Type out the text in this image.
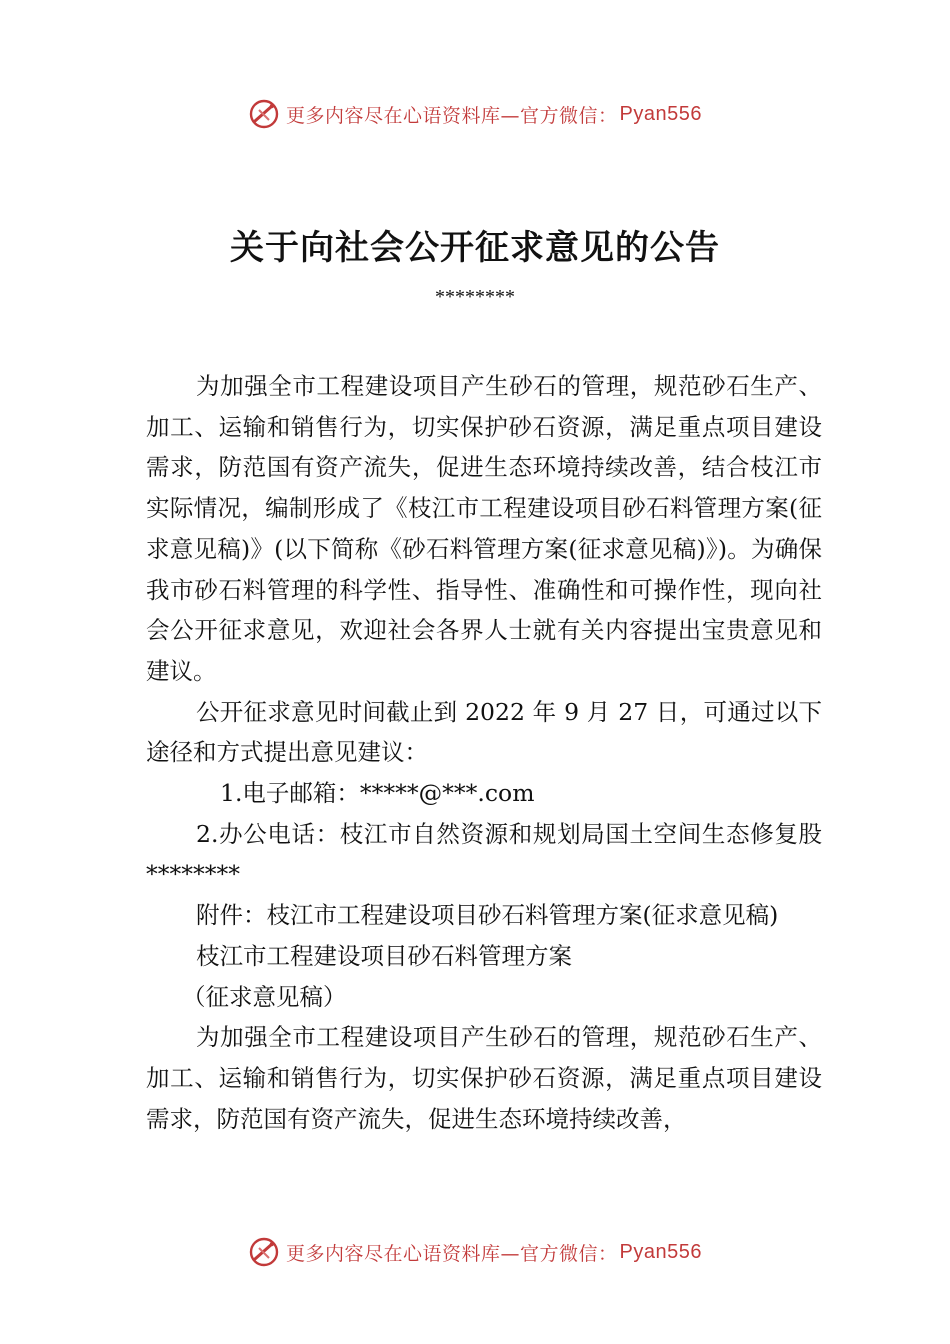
更多内容尽在心语资料库—官方微信： Pyan556
关于向社会公开征求意见的公告
********

为加强全市工程建设项目产生砂石的管理，规范砂石生产、加工、运输和销售行为，切实保护砂石资源，满足重点项目建设需求，防范国有资产流失，促进生态环境持续改善，结合枝江市实际情况，编制形成了《枝江市工程建设项目砂石料管理方案(征求意见稿)》(以下简称《砂石料管理方案(征求意见稿)》)。为确保我市砂石料管理的科学性、指导性、准确性和可操作性，现向社会公开征求意见，欢迎社会各界人士就有关内容提出宝贵意见和建议。

公开征求意见时间截止到 2022 年 9 月 27 日，可通过以下途径和方式提出意见建议：

1.电子邮箱：*****@***.com

2.办公电话：枝江市自然资源和规划局国土空间生态修复股 ********

附件：枝江市工程建设项目砂石料管理方案(征求意见稿)

枝江市工程建设项目砂石料管理方案

（征求意见稿）

为加强全市工程建设项目产生砂石的管理，规范砂石生产、加工、运输和销售行为，切实保护砂石资源，满足重点项目建设需求，防范国有资产流失，促进生态环境持续改善，

更多内容尽在心语资料库—官方微信： Pyan556
